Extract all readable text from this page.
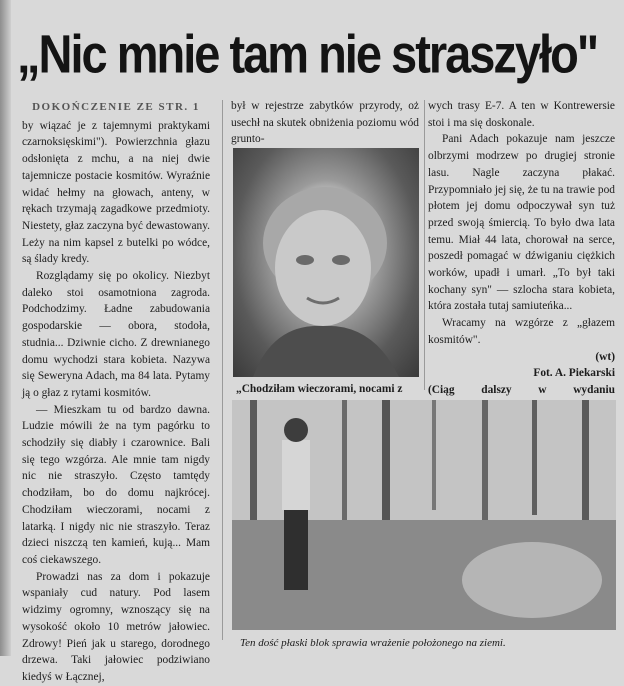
„Nic mnie tam nie straszyło"
DOKOŃCZENIE ZE STR. 1

by wiązać je z tajemnymi praktykami czarnoksięskimi"). Powierzchnia głazu odsłonięta z mchu, a na niej dwie tajemnicze postacie kosmitów. Wyraźnie widać hełmy na głowach, anteny, w rękach trzymają zagadkowe przedmioty. Niestety, głaz zaczyna być dewastowany. Leży na nim kapsel z butelki po wódce, są ślady kredy.

Rozglądamy się po okolicy. Niezbyt daleko stoi osamotniona zagroda. Podchodzimy. Ładne zabudowania gospodarskie — obora, stodoła, studnia... Dziwnie cicho. Z drewnianego domu wychodzi stara kobieta. Nazywa się Seweryna Adach, ma 84 lata. Pytamy ją o głaz z rytami kosmitów.

— Mieszkam tu od bardzo dawna. Ludzie mówili że na tym pagórku to schodziły się diabły i czarownice. Bali się tego wzgórza. Ale mnie tam nigdy nic nie straszyło. Często tamtędy chodziłam, bo do domu najkrócej. Chodziłam wieczorami, nocami z latarką. I nigdy nic nie straszyło. Teraz dzieci niszczą ten kamień, kują... Mam coś ciekawszego.

Prowadzi nas za dom i pokazuje wspaniały cud natury. Pod lasem widzimy ogromny, wznoszący się na wysokość około 10 metrów jałowiec. Zdrowy! Pień jak u starego, dorodnego drzewa. Taki jałowiec podziwiano kiedyś w Łącznej,

był w rejestrze zabytków przyrody, oż usechł na skutek obniżenia poziomu wód grunto-

„Chodziłam wieczorami, nocami z

wych trasy E-7. A ten w Kontrewersie stoi i ma się doskonale.

Pani Adach pokazuje nam jeszcze olbrzymi modrzew po drugiej stronie lasu. Nagle zaczyna płakać. Przypomniało jej się, że tu na trawie pod płotem jej domu odpoczywał syn tuż przed swoją śmiercią. To było dwa lata temu. Miał 44 lata, chorował na serce, poszedł pomagać w dźwiganiu ciężkich worków, upadł i umarł. „To był taki kochany syn" — szlocha stara kobieta, która została tutaj samiuteńka...

Wracamy na wzgórze z „głazem kosmitów".

(wt)

Fot. A. Piekarski

(Ciąg dalszy w wydaniu

Ten dość płaski blok sprawia wrażenie położonego na ziemi.
